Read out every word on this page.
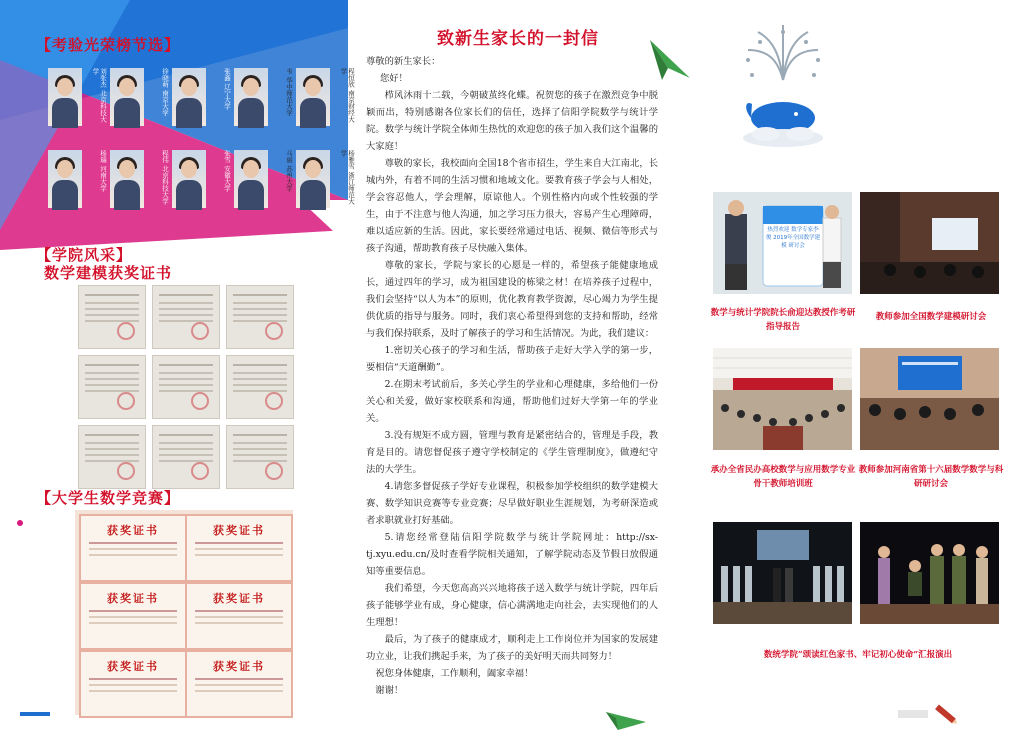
【考验光荣榜节选】
刘张杰 北京科技大学	徐晓萌 南京大学	张鑫 辽宁大学	韦 华中师范大学	程恒欣 南京财经大学
杨瑞 河南大学	程伟 北京科技大学	张雪 安徽大学	马丽 苏州大学	杨雅雪 浙江师范大学
【学院风采】
数学建模获奖证书
【大学生数学竞赛】
获奖证书	获奖证书
获奖证书	获奖证书
获奖证书	获奖证书
致新生家长的一封信

尊敬的新生家长：

您好！

栉风沐雨十二载，今朝破茧终化蝶。祝贺您的孩子在激烈竞争中脱颖而出，特别感谢各位家长们的信任，选择了信阳学院数学与统计学院。数学与统计学院全体师生热忱的欢迎您的孩子加入我们这个温馨的大家庭！

尊敬的家长，我校面向全国18个省市招生，学生来自大江南北，长城内外，有着不同的生活习惯和地域文化。要教育孩子学会与人相处，学会容忍他人，学会理解，原谅他人。个别性格内向或个性较强的学生，由于不注意与他人沟通，加之学习压力很大，容易产生心理障碍，难以适应新的生活。因此，家长要经常通过电话、视频、微信等形式与孩子沟通，帮助教育孩子尽快融入集体。

尊敬的家长，学院与家长的心愿是一样的，希望孩子能健康地成长，通过四年的学习，成为祖国建设的栋梁之材！在培养孩子过程中，我们会坚持“以人为本”的原则，优化教育教学资源，尽心竭力为学生提供优质的指导与服务。同时，我们衷心希望得到您的支持和帮助，经常与我们保持联系，及时了解孩子的学习和生活情况。为此，我们建议：

1.密切关心孩子的学习和生活，帮助孩子走好大学入学的第一步，要相信“天道酬勤”。

2.在期末考试前后，多关心学生的学业和心理健康，多给他们一份关心和关爱，做好家校联系和沟通，帮助他们过好大学第一年的学业关。

3.没有规矩不成方圆，管理与教育是紧密结合的，管理是手段，教育是目的。请您督促孩子遵守学校制定的《学生管理制度》，做遵纪守法的大学生。

4.请您多督促孩子学好专业课程，积极参加学校组织的数学建模大赛、数学知识竞赛等专业竞赛；尽早做好职业生涯规划，为考研深造或者求职就业打好基础。

5.请您经常登陆信阳学院数学与统计学院网址：http://sx-tj.xyu.edu.cn/及时查看学院相关通知，了解学院动态及节假日放假通知等重要信息。

我们希望，今天您高高兴兴地将孩子送入数学与统计学院，四年后孩子能够学业有成，身心健康，信心满满地走向社会，去实现他们的人生理想！

最后，为了孩子的健康成才，顺利走上工作岗位并为国家的发展建功立业，让我们携起手来，为了孩子的美好明天而共同努力！

祝您身体健康，工作顺利，阖家幸福！

谢谢！

热烈欢迎 数学专家李俊 2019年全国数学建模 研讨会
数学与统计学院院长俞迎达教授作考研指导报告
教师参加全国数学建模研讨会
承办全省民办高校数学与应用数学专业骨干教师培训班
教师参加河南省第十六届数学数学与科研研讨会
数统学院“颂读红色家书、牢记初心使命”汇报演出
